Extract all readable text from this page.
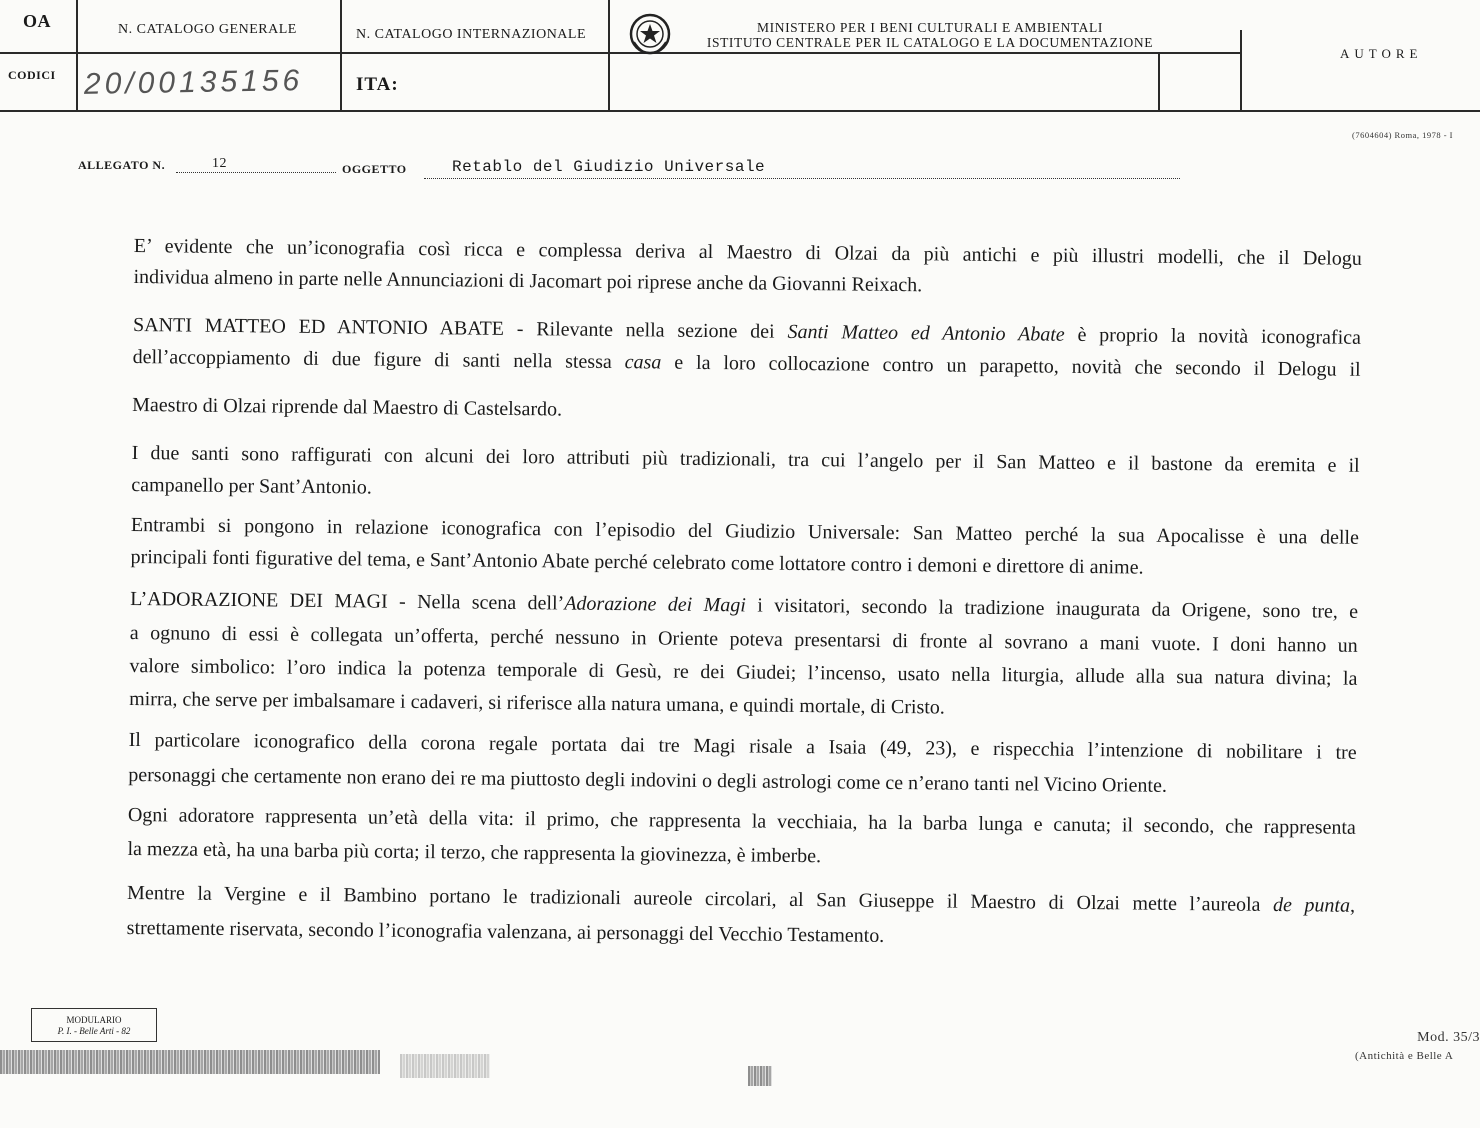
OA	N. CATALOGO GENERALE	N. CATALOGO INTERNAZIONALE	MINISTERO PER I BENI CULTURALI E AMBIENTALI
ISTITUTO CENTRALE PER IL CATALOGO E LA DOCUMENTAZIONE
AUTORE
CODICI 20/00135156	ITA:
(7604604) Roma, 1978 - I
ALLEGATO N.	12	OGGETTO	Retablo del Giudizio Universale
E’ evidente che un’iconografia così ricca e complessa deriva al Maestro di Olzai da più antichi e più illustri modelli, che il Delogu
individua almeno in parte nelle Annunciazioni di Jacomart poi riprese anche da Giovanni Reixach.
SANTI MATTEO ED ANTONIO ABATE - Rilevante nella sezione dei Santi Matteo ed Antonio Abate è proprio la novità iconografica
dell’accoppiamento di due figure di santi nella stessa casa e la loro collocazione contro un parapetto, novità che secondo il Delogu il
Maestro di Olzai riprende dal Maestro di Castelsardo.
I due santi sono raffigurati con alcuni dei loro attributi più tradizionali, tra cui l’angelo per il San Matteo e il bastone da eremita e il
campanello per Sant’Antonio.
Entrambi si pongono in relazione iconografica con l’episodio del Giudizio Universale: San Matteo perché la sua Apocalisse è una delle
principali fonti figurative del tema, e Sant’Antonio Abate perché celebrato come lottatore contro i demoni e direttore di anime.
L’ADORAZIONE DEI MAGI - Nella scena dell’Adorazione dei Magi i visitatori, secondo la tradizione inaugurata da Origene, sono tre, e
a ognuno di essi è collegata un’offerta, perché nessuno in Oriente poteva presentarsi di fronte al sovrano a mani vuote. I doni hanno un
valore simbolico: l’oro indica la potenza temporale di Gesù, re dei Giudei; l’incenso, usato nella liturgia, allude alla sua natura divina; la
mirra, che serve per imbalsamare i cadaveri, si riferisce alla natura umana, e quindi mortale, di Cristo.
Il particolare iconografico della corona regale portata dai tre Magi risale a Isaia (49, 23), e rispecchia l’intenzione di nobilitare i tre
personaggi che certamente non erano dei re ma piuttosto degli indovini o degli astrologi come ce n’erano tanti nel Vicino Oriente.
Ogni adoratore rappresenta un’età della vita: il primo, che rappresenta la vecchiaia, ha la barba lunga e canuta; il secondo, che rappresenta
la mezza età, ha una barba più corta; il terzo, che rappresenta la giovinezza, è imberbe.
Mentre la Vergine e il Bambino portano le tradizionali aureole circolari, al San Giuseppe il Maestro di Olzai mette l’aureola de punta,
strettamente riservata, secondo l’iconografia valenzana, ai personaggi del Vecchio Testamento.
MODULARIO
P. I. - Belle Arti - 82	Mod. 35/3
(Antichità e Belle A
